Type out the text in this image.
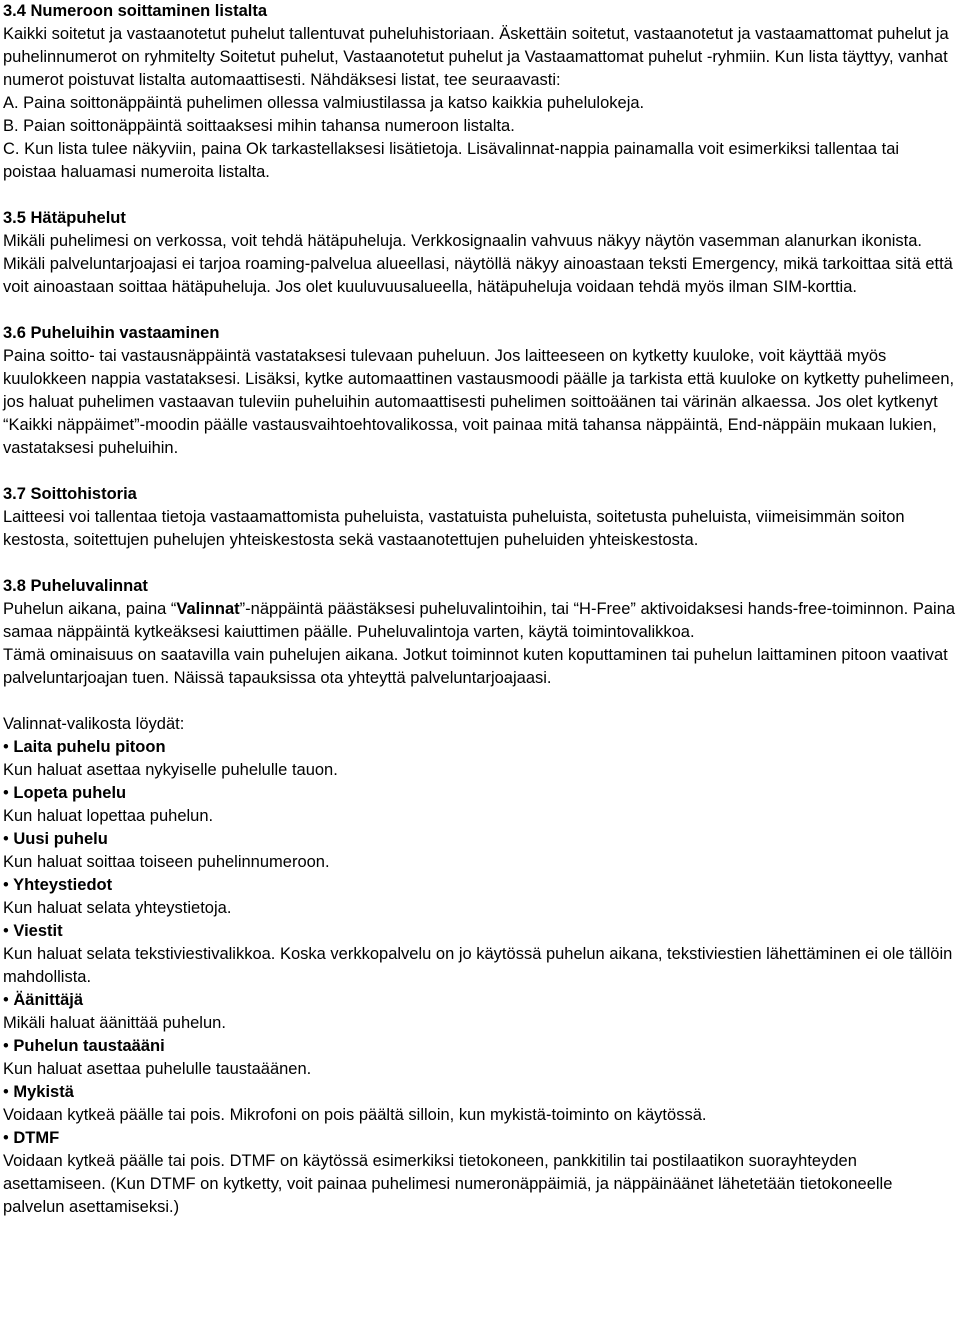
3.4 Numeroon soittaminen listalta

Kaikki soitetut ja vastaanotetut puhelut tallentuvat puheluhistoriaan. Äskettäin soitetut, vastaanotetut ja vastaamattomat puhelut ja puhelinnumerot on ryhmitelty Soitetut puhelut, Vastaanotetut puhelut ja Vastaamattomat puhelut -ryhmiin. Kun lista täyttyy, vanhat numerot poistuvat listalta automaattisesti. Nähdäksesi listat, tee seuraavasti:

A. Paina soittonäppäintä puhelimen ollessa valmiustilassa ja katso kaikkia puhelulokeja.

B. Paian soittonäppäintä soittaaksesi mihin tahansa numeroon listalta.

C. Kun lista tulee näkyviin, paina Ok tarkastellaksesi lisätietoja. Lisävalinnat-nappia painamalla voit esimerkiksi tallentaa tai poistaa haluamasi numeroita listalta.

3.5 Hätäpuhelut

Mikäli puhelimesi on verkossa, voit tehdä hätäpuheluja. Verkkosignaalin vahvuus näkyy näytön vasemman alanurkan ikonista. Mikäli palveluntarjoajasi ei tarjoa roaming-palvelua alueellasi, näytöllä näkyy ainoastaan teksti Emergency, mikä tarkoittaa sitä että voit ainoastaan soittaa hätäpuheluja. Jos olet kuuluvuusalueella, hätäpuheluja voidaan tehdä myös ilman SIM-korttia.

3.6 Puheluihin vastaaminen

Paina soitto- tai vastausnäppäintä vastataksesi tulevaan puheluun. Jos laitteeseen on kytketty kuuloke, voit käyttää myös kuulokkeen nappia vastataksesi. Lisäksi, kytke automaattinen vastausmoodi päälle ja tarkista että kuuloke on kytketty puhelimeen, jos haluat puhelimen vastaavan tuleviin puheluihin automaattisesti puhelimen soittoäänen tai värinän alkaessa. Jos olet kytkenyt “Kaikki näppäimet”-moodin päälle vastausvaihtoehtovalikossa, voit painaa mitä tahansa näppäintä, End-näppäin mukaan lukien, vastataksesi puheluihin.

3.7 Soittohistoria

Laitteesi voi tallentaa tietoja vastaamattomista puheluista, vastatuista puheluista, soitetusta puheluista, viimeisimmän soiton kestosta, soitettujen puhelujen yhteiskestosta sekä vastaanotettujen puheluiden yhteiskestosta.

3.8 Puheluvalinnat

Puhelun aikana, paina “Valinnat”-näppäintä päästäksesi puheluvalintoihin, tai “H-Free” aktivoidaksesi hands-free-toiminnon. Paina samaa näppäintä kytkeäksesi kaiuttimen päälle. Puheluvalintoja varten, käytä toimintovalikkoa.

Tämä ominaisuus on saatavilla vain puhelujen aikana. Jotkut toiminnot kuten koputtaminen tai puhelun laittaminen pitoon vaativat palveluntarjoajan tuen. Näissä tapauksissa ota yhteyttä palveluntarjoajaasi.

Valinnat-valikosta löydät:

• Laita puhelu pitoon

Kun haluat asettaa nykyiselle puhelulle tauon.

• Lopeta puhelu

Kun haluat lopettaa puhelun.

• Uusi puhelu

Kun haluat soittaa toiseen puhelinnumeroon.

• Yhteystiedot

Kun haluat selata yhteystietoja.

• Viestit

Kun haluat selata tekstiviestivalikkoa. Koska verkkopalvelu on jo käytössä puhelun aikana, tekstiviestien lähettäminen ei ole tällöin mahdollista.

• Äänittäjä

Mikäli haluat äänittää puhelun.

• Puhelun taustaääni

Kun haluat asettaa puhelulle taustaäänen.

• Mykistä

Voidaan kytkeä päälle tai pois. Mikrofoni on pois päältä silloin, kun mykistä-toiminto on käytössä.

• DTMF

Voidaan kytkeä päälle tai pois. DTMF on käytössä esimerkiksi tietokoneen, pankkitilin tai postilaatikon suorayhteyden asettamiseen. (Kun DTMF on kytketty, voit painaa puhelimesi numeronäppäimiä, ja näppäinäänet lähetetään tietokoneelle palvelun asettamiseksi.)
